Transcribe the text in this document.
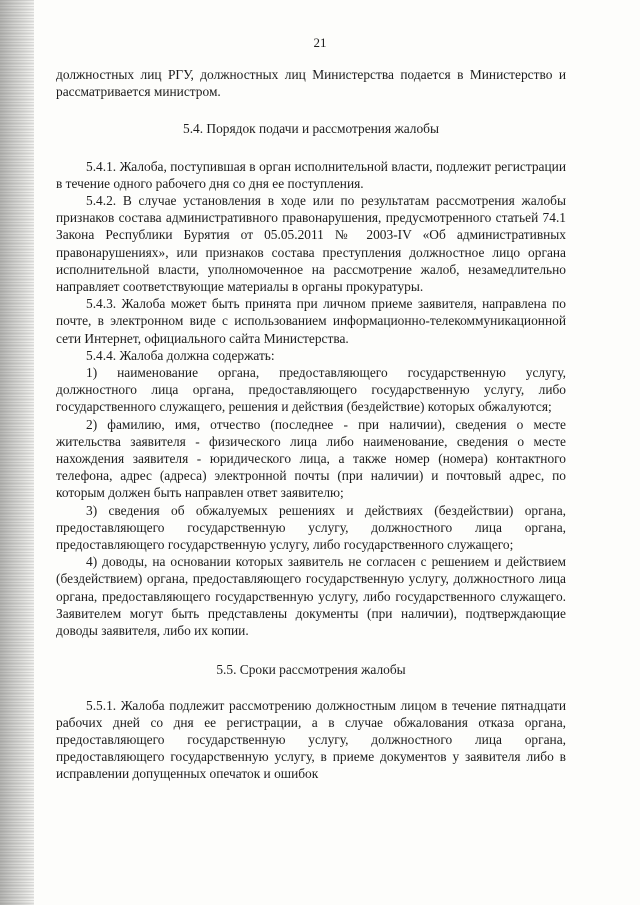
21

должностных лиц РГУ, должностных лиц Министерства подается в Министерство и рассматривается министром.

5.4. Порядок подачи и рассмотрения жалобы

5.4.1. Жалоба, поступившая в орган исполнительной власти, подлежит регистрации в течение одного рабочего дня со дня ее поступления.

5.4.2. В случае установления в ходе или по результатам рассмотрения жалобы признаков состава административного правонарушения, предусмотренного статьей 74.1 Закона Республики Бурятия от 05.05.2011 № 2003-IV «Об административных правонарушениях», или признаков состава преступления должностное лицо органа исполнительной власти, уполномоченное на рассмотрение жалоб, незамедлительно направляет соответствующие материалы в органы прокуратуры.

5.4.3. Жалоба может быть принята при личном приеме заявителя, направлена по почте, в электронном виде с использованием информационно-телекоммуникационной сети Интернет, официального сайта Министерства.

5.4.4. Жалоба должна содержать:

1) наименование органа, предоставляющего государственную услугу, должностного лица органа, предоставляющего государственную услугу, либо государственного служащего, решения и действия (бездействие) которых обжалуются;

2) фамилию, имя, отчество (последнее - при наличии), сведения о месте жительства заявителя - физического лица либо наименование, сведения о месте нахождения заявителя - юридического лица, а также номер (номера) контактного телефона, адрес (адреса) электронной почты (при наличии) и почтовый адрес, по которым должен быть направлен ответ заявителю;

3) сведения об обжалуемых решениях и действиях (бездействии) органа, предоставляющего государственную услугу, должностного лица органа, предоставляющего государственную услугу, либо государственного служащего;

4) доводы, на основании которых заявитель не согласен с решением и действием (бездействием) органа, предоставляющего государственную услугу, должностного лица органа, предоставляющего государственную услугу, либо государственного служащего. Заявителем могут быть представлены документы (при наличии), подтверждающие доводы заявителя, либо их копии.

5.5. Сроки рассмотрения жалобы

5.5.1. Жалоба подлежит рассмотрению должностным лицом в течение пятнадцати рабочих дней со дня ее регистрации, а в случае обжалования отказа органа, предоставляющего государственную услугу, должностного лица органа, предоставляющего государственную услугу, в приеме документов у заявителя либо в исправлении допущенных опечаток и ошибок
